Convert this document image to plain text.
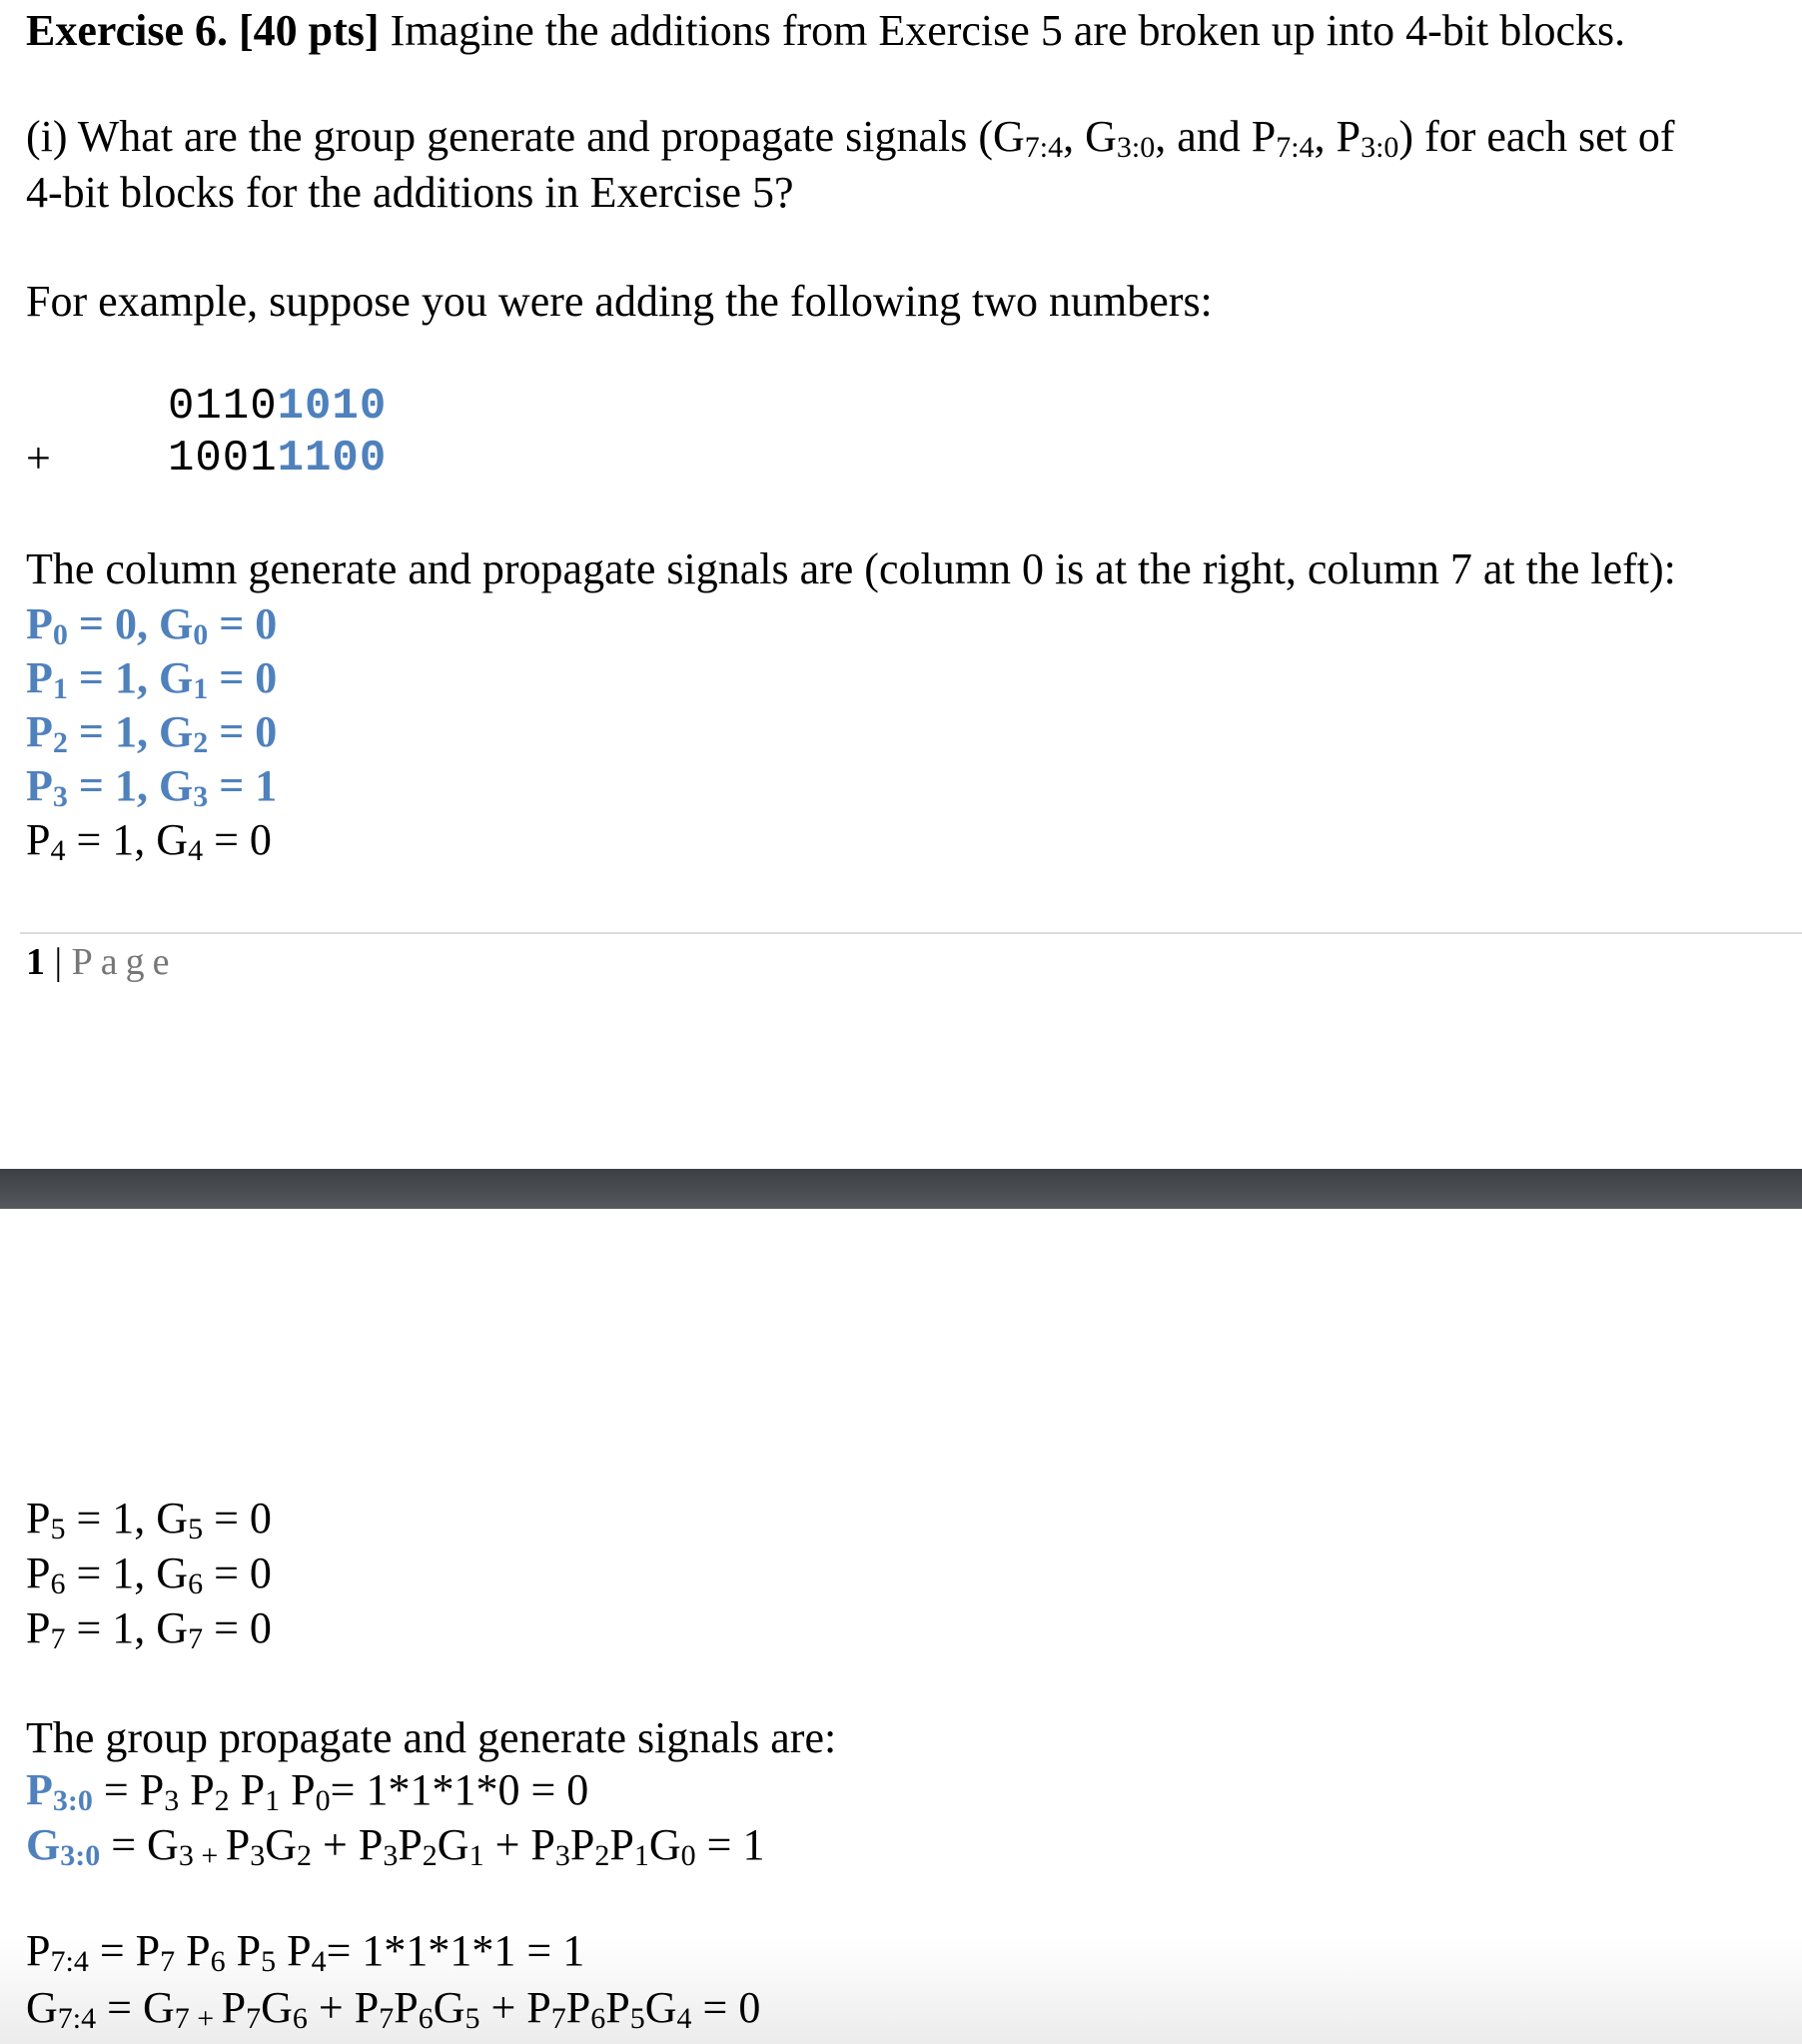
Exercise 6. [40 pts] Imagine the additions from Exercise 5 are broken up into 4-bit blocks.
(i) What are the group generate and propagate signals ($G_{7:4}$, $G_{3:0}$, and $P_{7:4}$, $P_{3:0}$) for each set of
4-bit blocks for the additions in Exercise 5?
For example, suppose you were adding the following two numbers:
01101010
+	10011100
The column generate and propagate signals are (column 0 is at the right, column 7 at the left):
$P_0 = 0$, $G_0 = 0$
$P_1 = 1$, $G_1 = 0$
$P_2 = 1$, $G_2 = 0$
$P_3 = 1$, $G_3 = 1$
$P_4 = 1$, $G_4 = 0$
1 | Page
$P_5 = 1$, $G_5 = 0$
$P_6 = 1$, $G_6 = 0$
$P_7 = 1$, $G_7 = 0$
The group propagate and generate signals are:
$P_{3:0} = P_3$ $P_2$ $P_1$ $P_0= 1*1*1*0 = 0$
$G_{3:0} = G_{3 +}$ $P_3G_2 + P_3P_2G_1 + P_3P_2P_1G_0 = 1$
$P_{7:4} = P_7$ $P_6$ $P_5$ $P_4= 1*1*1*1 = 1$
$G_{7:4} = G_{7 +}$ $P_7G_6 + P_7P_6G_5 + P_7P_6P_5G_4 = 0$
